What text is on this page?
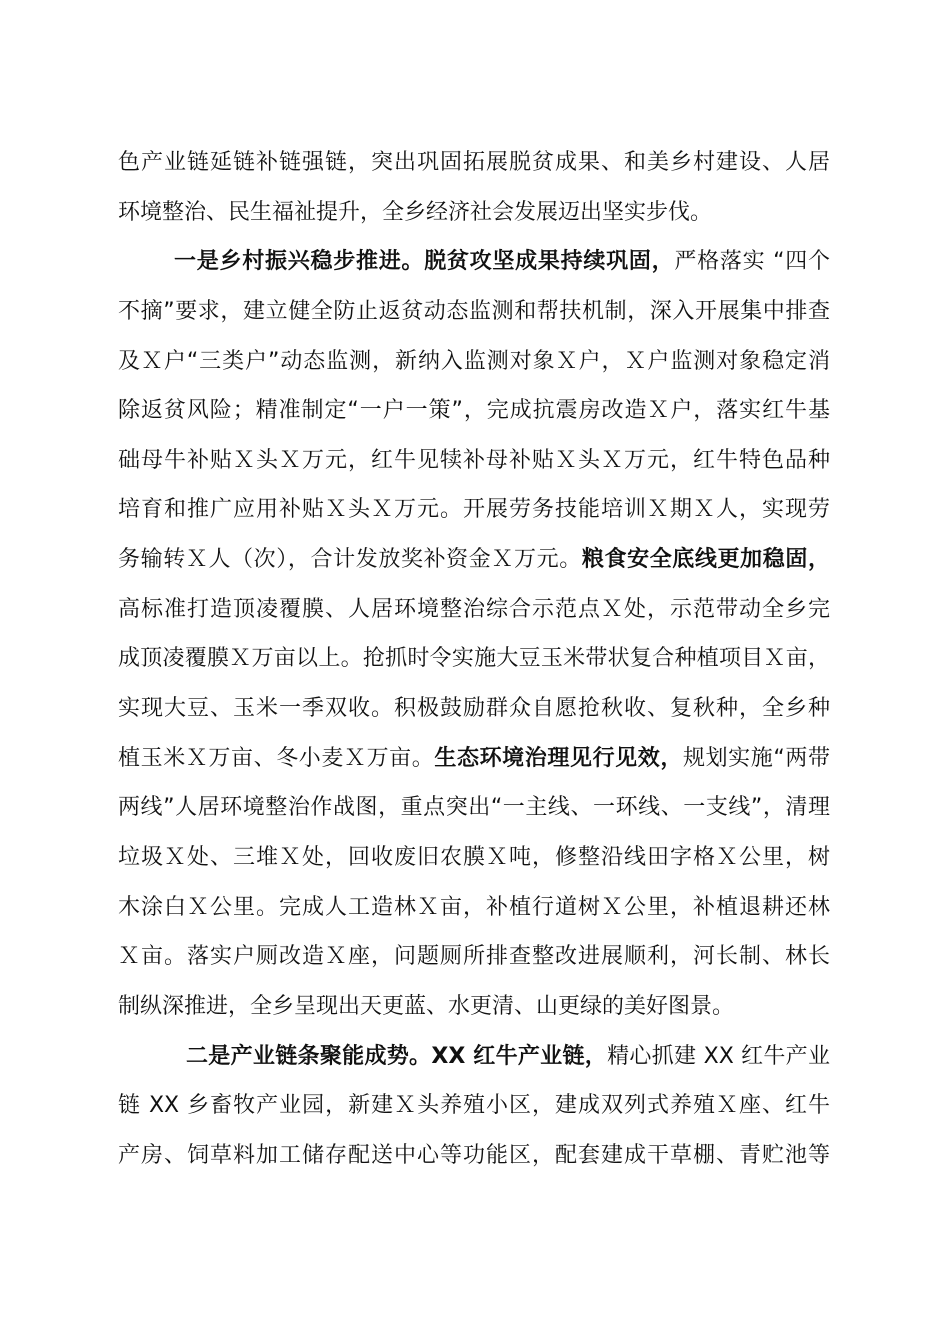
色产业链延链补链强链，突出巩固拓展脱贫成果、和美乡村建设、人居
环境整治、民生福祉提升，全乡经济社会发展迈出坚实步伐。
一是乡村振兴稳步推进。脱贫攻坚成果持续巩固，严格落实 “四个
不摘”要求，建立健全防止返贫动态监测和帮扶机制，深入开展集中排查
及Ｘ户“三类户”动态监测，新纳入监测对象Ｘ户，Ｘ户监测对象稳定消
除返贫风险；精准制定“一户一策”，完成抗震房改造Ｘ户，落实红牛基
础母牛补贴Ｘ头Ｘ万元，红牛见犊补母补贴Ｘ头Ｘ万元，红牛特色品种
培育和推广应用补贴Ｘ头Ｘ万元。开展劳务技能培训Ｘ期Ｘ人，实现劳
务输转Ｘ人（次），合计发放奖补资金Ｘ万元。粮食安全底线更加稳固，
高标准打造顶凌覆膜、人居环境整治综合示范点Ｘ处，示范带动全乡完
成顶凌覆膜Ｘ万亩以上。抢抓时令实施大豆玉米带状复合种植项目Ｘ亩，
实现大豆、玉米一季双收。积极鼓励群众自愿抢秋收、复秋种，全乡种
植玉米Ｘ万亩、冬小麦Ｘ万亩。生态环境治理见行见效，规划实施“两带
两线”人居环境整治作战图，重点突出“一主线、一环线、一支线”，清理
垃圾Ｘ处、三堆Ｘ处，回收废旧农膜Ｘ吨，修整沿线田字格Ｘ公里，树
木涂白Ｘ公里。完成人工造林Ｘ亩，补植行道树Ｘ公里，补植退耕还林
Ｘ亩。落实户厕改造Ｘ座，问题厕所排查整改进展顺利，河长制、林长
制纵深推进，全乡呈现出天更蓝、水更清、山更绿的美好图景。
二是产业链条聚能成势。XX 红牛产业链，精心抓建 XX 红牛产业
链 XX 乡畜牧产业园，新建Ｘ头养殖小区，建成双列式养殖Ｘ座、红牛
产房、饲草料加工储存配送中心等功能区，配套建成干草棚、青贮池等
